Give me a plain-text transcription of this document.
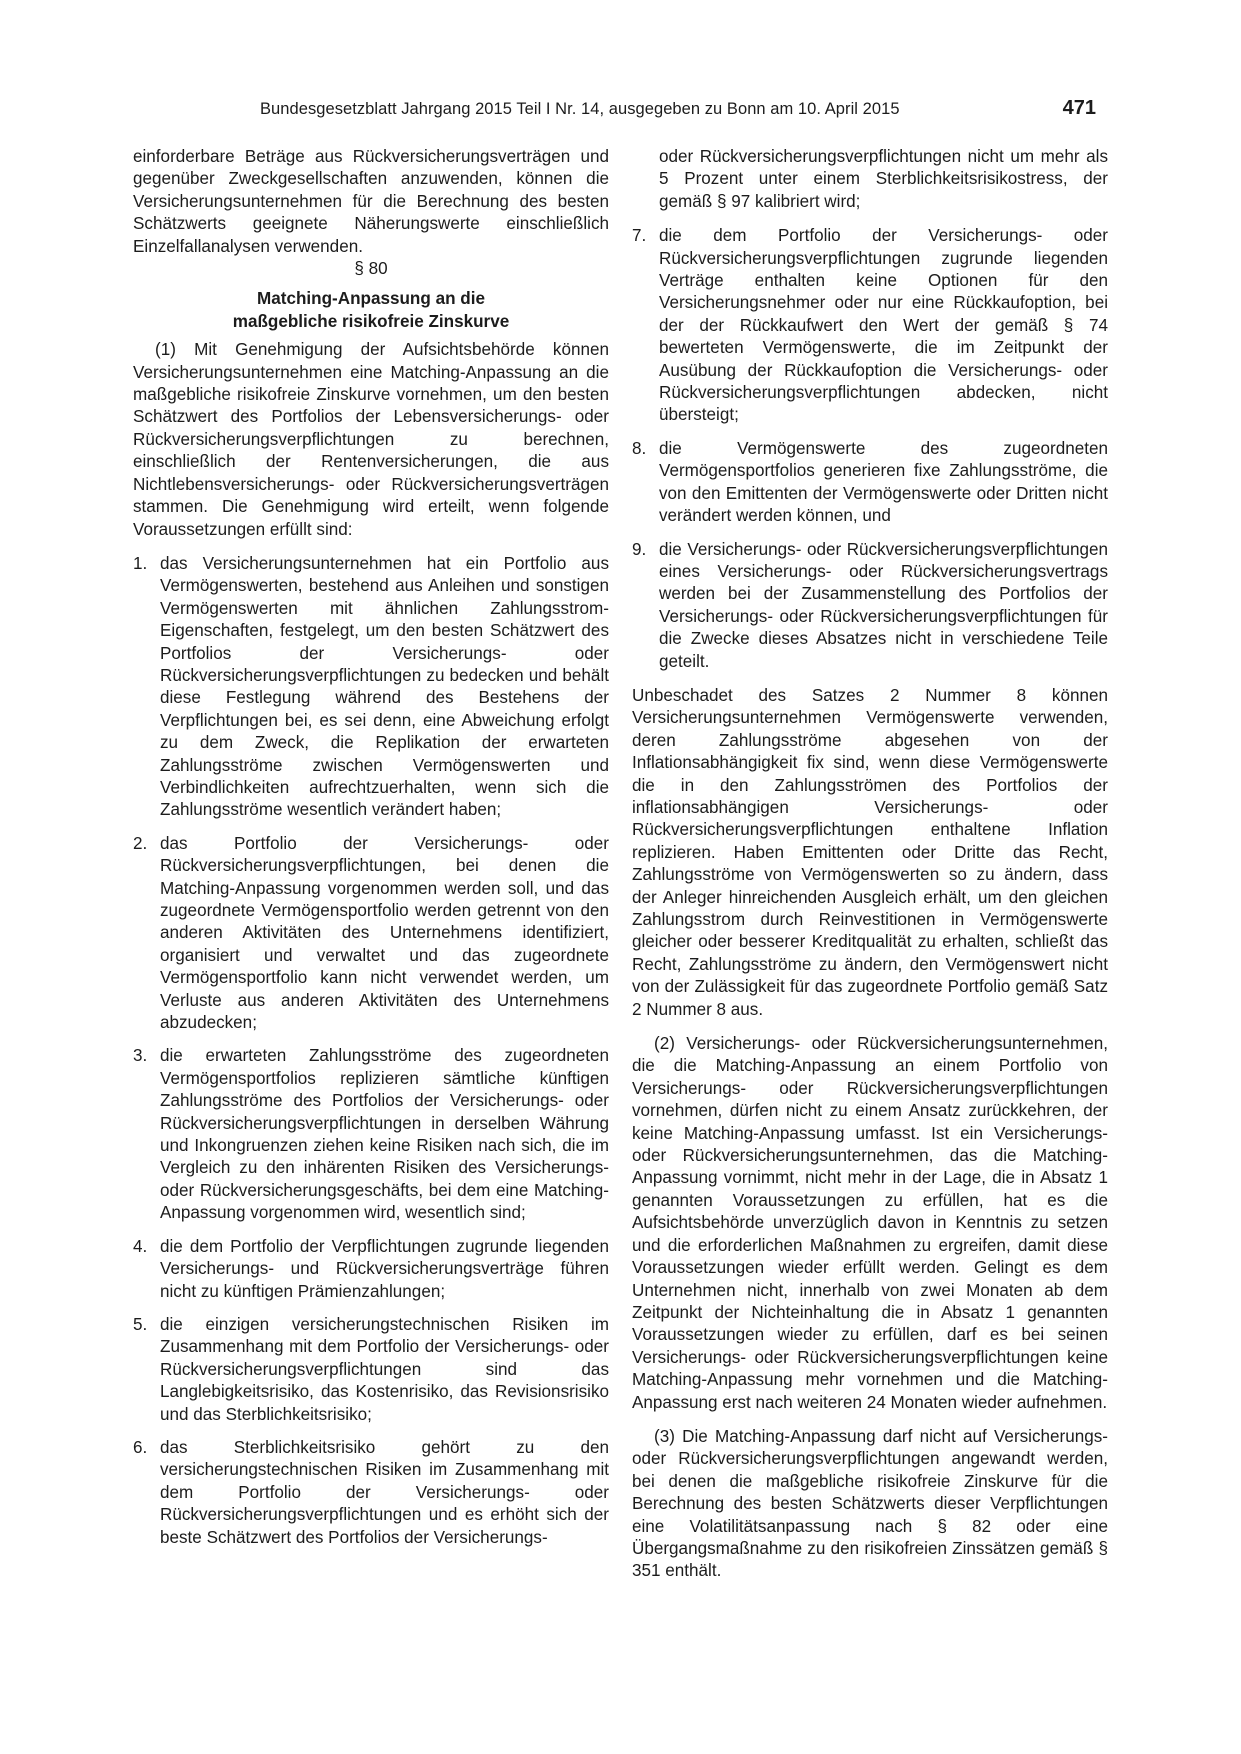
Bundesgesetzblatt Jahrgang 2015 Teil I Nr. 14, ausgegeben zu Bonn am 10. April 2015	471

einforderbare Beträge aus Rückversicherungsverträgen und gegenüber Zweckgesellschaften anzuwenden, können die Versicherungsunternehmen für die Berechnung des besten Schätzwerts geeignete Näherungswerte einschließlich Einzelfallanalysen verwenden.

§ 80

Matching-Anpassung an die
maßgebliche risikofreie Zinskurve

(1) Mit Genehmigung der Aufsichtsbehörde können Versicherungsunternehmen eine Matching-Anpassung an die maßgebliche risikofreie Zinskurve vornehmen, um den besten Schätzwert des Portfolios der Lebensversicherungs- oder Rückversicherungsverpflichtungen zu berechnen, einschließlich der Rentenversicherungen, die aus Nichtlebensversicherungs- oder Rückversicherungsverträgen stammen. Die Genehmigung wird erteilt, wenn folgende Voraussetzungen erfüllt sind:

1. das Versicherungsunternehmen hat ein Portfolio aus Vermögenswerten, bestehend aus Anleihen und sonstigen Vermögenswerten mit ähnlichen Zahlungsstrom-Eigenschaften, festgelegt, um den besten Schätzwert des Portfolios der Versicherungs- oder Rückversicherungsverpflichtungen zu bedecken und behält diese Festlegung während des Bestehens der Verpflichtungen bei, es sei denn, eine Abweichung erfolgt zu dem Zweck, die Replikation der erwarteten Zahlungsströme zwischen Vermögenswerten und Verbindlichkeiten aufrechtzuerhalten, wenn sich die Zahlungsströme wesentlich verändert haben;
2. das Portfolio der Versicherungs- oder Rückversicherungsverpflichtungen, bei denen die Matching-Anpassung vorgenommen werden soll, und das zugeordnete Vermögensportfolio werden getrennt von den anderen Aktivitäten des Unternehmens identifiziert, organisiert und verwaltet und das zugeordnete Vermögensportfolio kann nicht verwendet werden, um Verluste aus anderen Aktivitäten des Unternehmens abzudecken;
3. die erwarteten Zahlungsströme des zugeordneten Vermögensportfolios replizieren sämtliche künftigen Zahlungsströme des Portfolios der Versicherungs- oder Rückversicherungsverpflichtungen in derselben Währung und Inkongruenzen ziehen keine Risiken nach sich, die im Vergleich zu den inhärenten Risiken des Versicherungs- oder Rückversicherungsgeschäfts, bei dem eine Matching-Anpassung vorgenommen wird, wesentlich sind;
4. die dem Portfolio der Verpflichtungen zugrunde liegenden Versicherungs- und Rückversicherungsverträge führen nicht zu künftigen Prämienzahlungen;
5. die einzigen versicherungstechnischen Risiken im Zusammenhang mit dem Portfolio der Versicherungs- oder Rückversicherungsverpflichtungen sind das Langlebigkeitsrisiko, das Kostenrisiko, das Revisionsrisiko und das Sterblichkeitsrisiko;
6. das Sterblichkeitsrisiko gehört zu den versicherungstechnischen Risiken im Zusammenhang mit dem Portfolio der Versicherungs- oder Rückversicherungsverpflichtungen und es erhöht sich der beste Schätzwert des Portfolios der Versicherungs-

oder Rückversicherungsverpflichtungen nicht um mehr als 5 Prozent unter einem Sterblichkeitsrisikostress, der gemäß § 97 kalibriert wird;

7. die dem Portfolio der Versicherungs- oder Rückversicherungsverpflichtungen zugrunde liegenden Verträge enthalten keine Optionen für den Versicherungsnehmer oder nur eine Rückkaufoption, bei der der Rückkaufwert den Wert der gemäß § 74 bewerteten Vermögenswerte, die im Zeitpunkt der Ausübung der Rückkaufoption die Versicherungs- oder Rückversicherungsverpflichtungen abdecken, nicht übersteigt;
8. die Vermögenswerte des zugeordneten Vermögensportfolios generieren fixe Zahlungsströme, die von den Emittenten der Vermögenswerte oder Dritten nicht verändert werden können, und
9. die Versicherungs- oder Rückversicherungsverpflichtungen eines Versicherungs- oder Rückversicherungsvertrags werden bei der Zusammenstellung des Portfolios der Versicherungs- oder Rückversicherungsverpflichtungen für die Zwecke dieses Absatzes nicht in verschiedene Teile geteilt.

Unbeschadet des Satzes 2 Nummer 8 können Versicherungsunternehmen Vermögenswerte verwenden, deren Zahlungsströme abgesehen von der Inflationsabhängigkeit fix sind, wenn diese Vermögenswerte die in den Zahlungsströmen des Portfolios der inflationsabhängigen Versicherungs- oder Rückversicherungsverpflichtungen enthaltene Inflation replizieren. Haben Emittenten oder Dritte das Recht, Zahlungsströme von Vermögenswerten so zu ändern, dass der Anleger hinreichenden Ausgleich erhält, um den gleichen Zahlungsstrom durch Reinvestitionen in Vermögenswerte gleicher oder besserer Kreditqualität zu erhalten, schließt das Recht, Zahlungsströme zu ändern, den Vermögenswert nicht von der Zulässigkeit für das zugeordnete Portfolio gemäß Satz 2 Nummer 8 aus.

(2) Versicherungs- oder Rückversicherungsunternehmen, die die Matching-Anpassung an einem Portfolio von Versicherungs- oder Rückversicherungsverpflichtungen vornehmen, dürfen nicht zu einem Ansatz zurückkehren, der keine Matching-Anpassung umfasst. Ist ein Versicherungs- oder Rückversicherungsunternehmen, das die Matching-Anpassung vornimmt, nicht mehr in der Lage, die in Absatz 1 genannten Voraussetzungen zu erfüllen, hat es die Aufsichtsbehörde unverzüglich davon in Kenntnis zu setzen und die erforderlichen Maßnahmen zu ergreifen, damit diese Voraussetzungen wieder erfüllt werden. Gelingt es dem Unternehmen nicht, innerhalb von zwei Monaten ab dem Zeitpunkt der Nichteinhaltung die in Absatz 1 genannten Voraussetzungen wieder zu erfüllen, darf es bei seinen Versicherungs- oder Rückversicherungsverpflichtungen keine Matching-Anpassung mehr vornehmen und die Matching-Anpassung erst nach weiteren 24 Monaten wieder aufnehmen.

(3) Die Matching-Anpassung darf nicht auf Versicherungs- oder Rückversicherungsverpflichtungen angewandt werden, bei denen die maßgebliche risikofreie Zinskurve für die Berechnung des besten Schätzwerts dieser Verpflichtungen eine Volatilitätsanpassung nach § 82 oder eine Übergangsmaßnahme zu den risikofreien Zinssätzen gemäß § 351 enthält.
